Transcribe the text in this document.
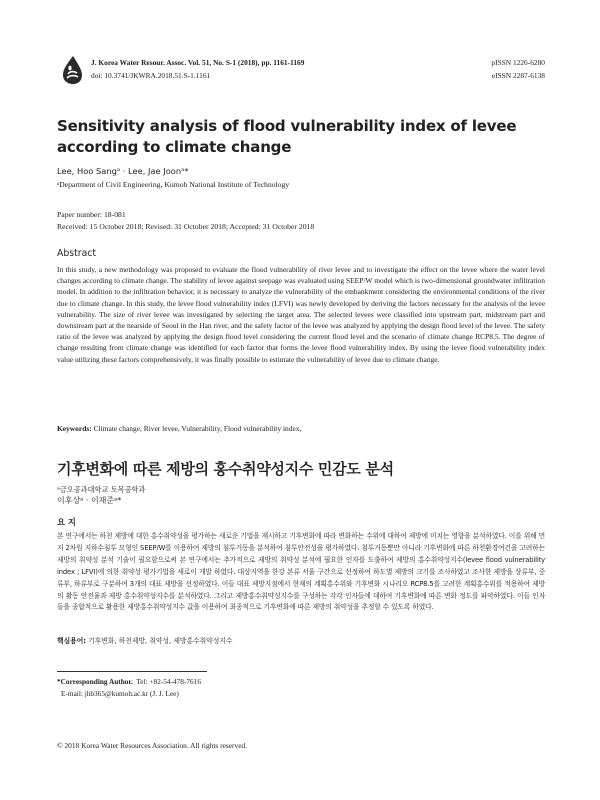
J. Korea Water Resour. Assoc. Vol. 51, No. S-1 (2018), pp. 1161-1169
doi: 10.3741/JKWRA.2018.51.S-1.1161
pISSN 1226-6280
eISSN 2287-6138
Sensitivity analysis of flood vulnerability index of levee according to climate change
Lee, Hoo Sangᵃ · Lee, Jae Joonᵃ*
ᵃDepartment of Civil Engineering, Kumoh National Institute of Technology
Paper number: 18-081
Received: 15 October 2018; Revised: 31 October 2018; Accepted: 31 October 2018
Abstract
In this study, a new methodology was proposed to evaluate the flood vulnerability of river levee and to investigate the effect on the levee where the water level changes according to climate change. The stability of levee against seepage was evaluated using SEEP/W model which is two-dimensional groundwater infiltration model. In addition to the infiltration behavior, it is necessary to analyze the vulnerability of the embankment considering the environmental conditions of the river due to climate change. In this study, the levee flood vulnerability index (LFVI) was newly developed by deriving the factors necessary for the analysis of the levee vulnerability. The size of river levee was investigated by selecting the target area. The selected levees were classified into upstream part, midstream part and downstream part at the nearside of Seoul in the Han river, and the safety factor of the levee was analyzed by applying the design flood level of the levee. The safety ratio of the levee was analyzed by applying the design flood level considering the current flood level and the scenario of climate change RCP8.5. The degree of change resulting from climate change was identified for each factor that forms the levee flood vulnerability index. By using the levee flood vulnerability index value utilizing these factors comprehensively, it was finally possible to estimate the vulnerability of levee due to climate change.
Keywords: Climate change, River levee, Vulnerability, Flood vulnerability index,
기후변화에 따른 제방의 홍수취약성지수 민감도 분석
이후상ᵃ · 이재준ᵃ*
ᵃ금오공과대학교 토목공학과
요 지
본 연구에서는 하천 제방에 대한 홍수취약성을 평가하는 새로운 기법을 제시하고 기후변화에 따라 변화하는 수위에 대하여 제방에 미치는 영향을 분석하였다. 이를 위해 먼저 2차원 지하수침투 모형인 SEEP/W를 이용하여 제방의 침투거동을 분석하여 침투안전성을 평가하였다. 침투거동뿐만 아니라 기후변화에 따른 하천환경여건을 고려하는 제방의 취약성 분석 기술이 필요함으로써 본 연구에서는 추가적으로 제방의 취약성 분석에 필요한 인자를 도출하여 제방의 홍수취약성지수(levee flood vulnerability index ; LFVI)에 의한 취약성 평가기법을 새로이 개발 하였다. 대상지역을 한강 본류 서울 구간으로 선정하여 하도별 제방의 크기를 조사하였고 조사한 제방을 상류부, 중류부, 하류부로 구분하여 3개의 대표 제방을 선정하였다. 이들 대표 제방지점에서 현재의 계획홍수위와 기후변화 시나리오 RCP8.5를 고려한 계획홍수위를 적용하여 제방의 활동 안전율과 제방 홍수취약성지수를 분석하였다. 그리고 제방홍수취약성지수를 구성하는 각각 인자들에 대하여 기후변화에 따른 변화 정도를 파악하였다. 이들 인자들을 종합적으로 활용한 제방홍수취약성지수 값을 이용하여 최종적으로 기후변화에 따른 제방의 취약성을 추정할 수 있도록 하였다.
핵심용어: 기후변화, 하천제방, 취약성, 제방홍수취약성지수
*Corresponding Author. Tel: +82-54-478-7616
E-mail: jhb365@kumoh.ac.kr (J. J. Lee)
© 2018 Korea Water Resources Association. All rights reserved.
